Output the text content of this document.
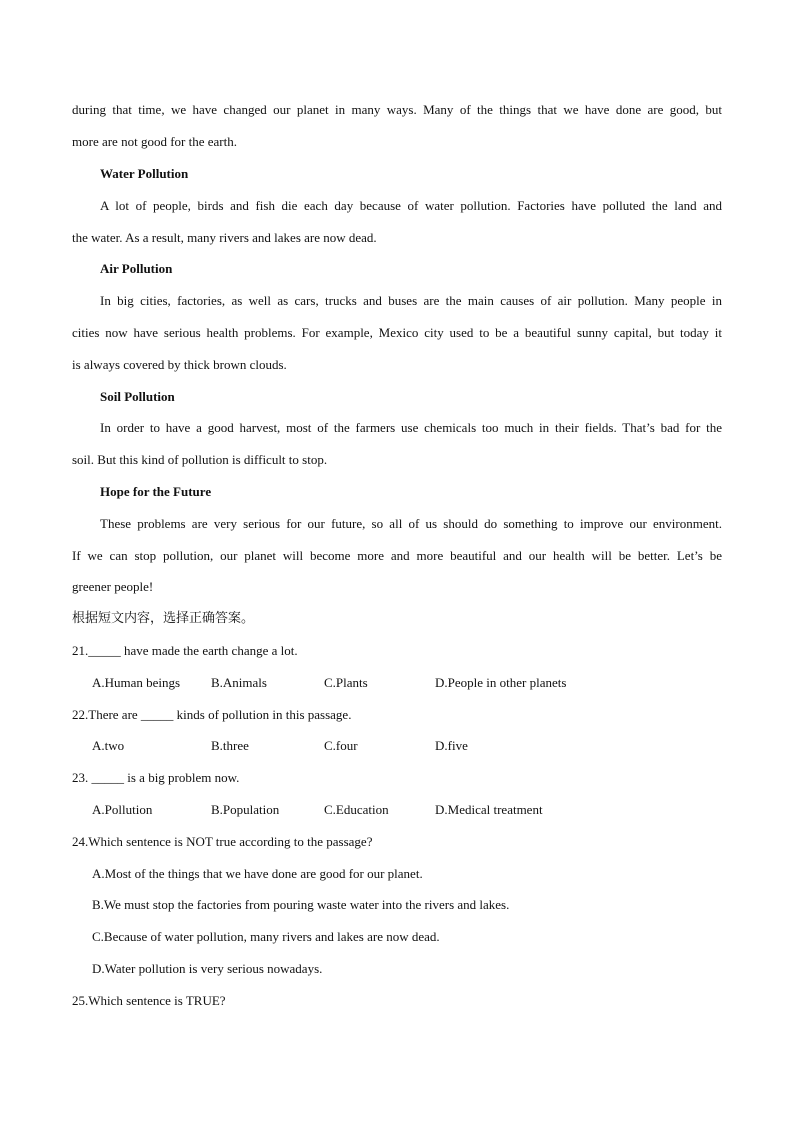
during that time, we have changed our planet in many ways. Many of the things that we have done are good, but
more are not good for the earth.
Water Pollution
A lot of people, birds and fish die each day because of water pollution. Factories have polluted the land and
the water. As a result, many rivers and lakes are now dead.
Air Pollution
In big cities, factories, as well as cars, trucks and buses are the main causes of air pollution. Many people in
cities now have serious health problems. For example, Mexico city used to be a beautiful sunny capital, but today it
is always covered by thick brown clouds.
Soil Pollution
In order to have a good harvest, most of the farmers use chemicals too much in their fields. That’s bad for the
soil. But this kind of pollution is difficult to stop.
Hope for the Future
These problems are very serious for our future, so all of us should do something to improve our environment.
If we can stop pollution, our planet will become more and more beautiful and our health will be better. Let’s be
greener people!
根据短文内容，选择正确答案。
21._____ have made the earth change a lot.
A.Human beings B.Animals	C.Plants	D.People in other planets
22.There are _____ kinds of pollution in this passage.
A.two	B.three	C.four	D.five
23. _____ is a big problem now.
A.Pollution	B.Population	C.Education	D.Medical treatment
24.Which sentence is NOT true according to the passage?
A.Most of the things that we have done are good for our planet.
B.We must stop the factories from pouring waste water into the rivers and lakes.
C.Because of water pollution, many rivers and lakes are now dead.
D.Water pollution is very serious nowadays.
25.Which sentence is TRUE?
